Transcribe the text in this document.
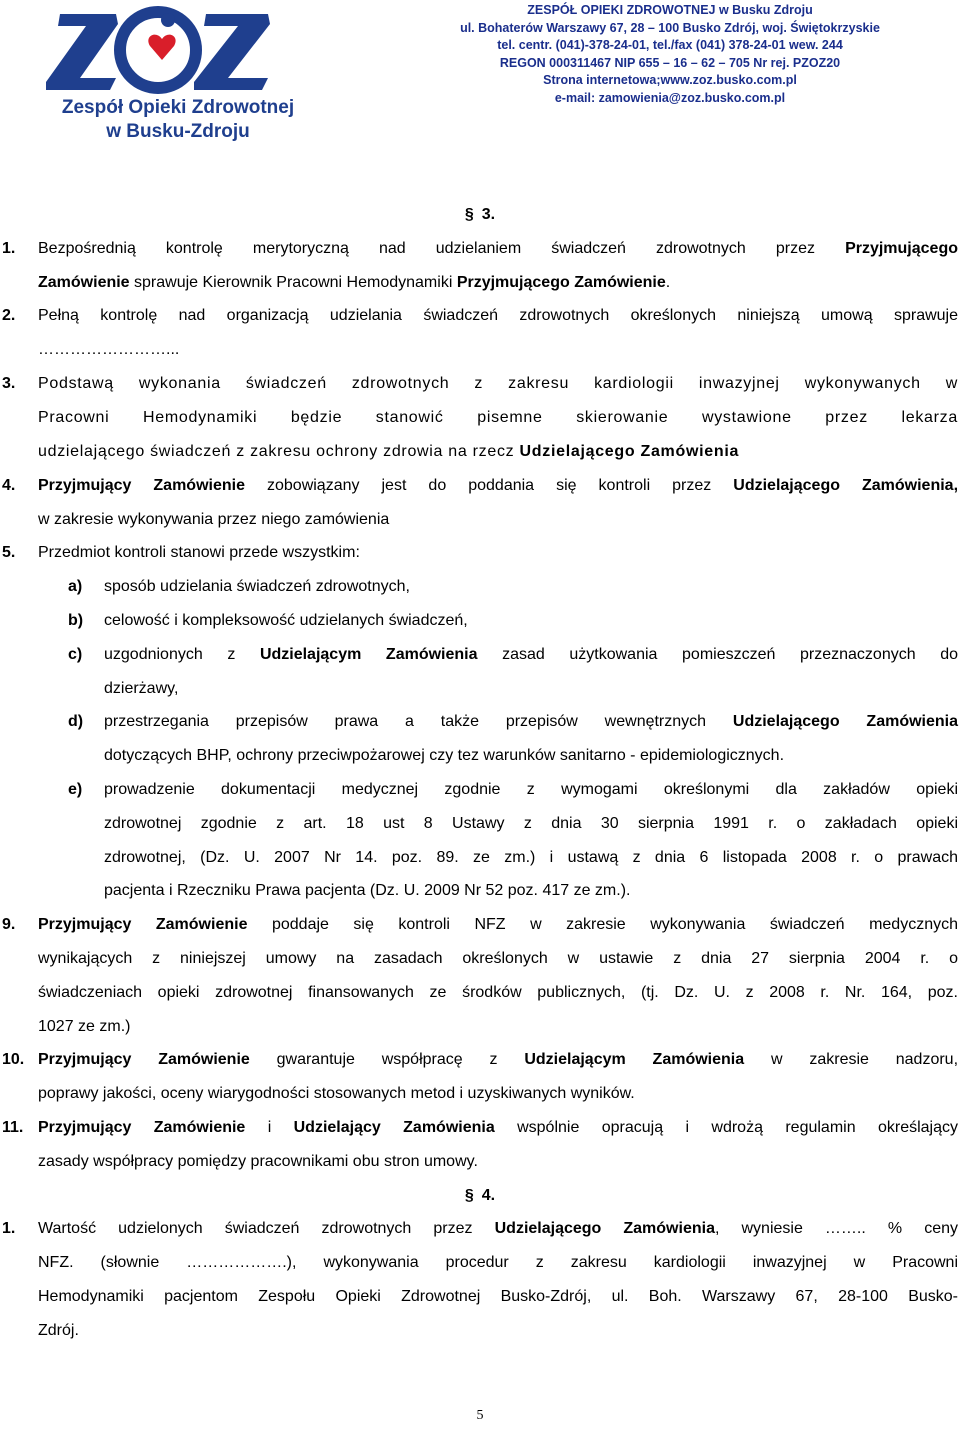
Zespół Opieki Zdrowotnej
w Busku-Zdroju
ZESPÓŁ OPIEKI ZDROWOTNEJ w Busku Zdroju
ul. Bohaterów Warszawy 67, 28 – 100 Busko Zdrój, woj. Świętokrzyskie
tel. centr. (041)-378-24-01, tel./fax (041) 378-24-01 wew. 244
REGON 000311467 NIP 655 – 16 – 62 – 705 Nr rej. PZOZ20
Strona internetowa;www.zoz.busko.com.pl
e-mail: zamowienia@zoz.busko.com.pl
§ 3.
1. Bezpośrednią kontrolę merytoryczną nad udzielaniem świadczeń zdrowotnych przez Przyjmującego
Zamówienie sprawuje Kierownik Pracowni Hemodynamiki Przyjmującego Zamówienie.
2. Pełną kontrolę nad organizacją udzielania świadczeń zdrowotnych określonych niniejszą umową sprawuje
……………………...
3. Podstawą wykonania świadczeń zdrowotnych z zakresu kardiologii inwazyjnej wykonywanych w
Pracowni Hemodynamiki będzie stanowić pisemne skierowanie wystawione przez lekarza
udzielającego świadczeń z zakresu ochrony zdrowia na rzecz Udzielającego Zamówienia
4. Przyjmujący Zamówienie zobowiązany jest do poddania się kontroli przez Udzielającego Zamówienia,
w zakresie wykonywania przez niego zamówienia
5. Przedmiot kontroli stanowi przede wszystkim:
a) sposób udzielania świadczeń zdrowotnych,
b) celowość i kompleksowość udzielanych świadczeń,
c) uzgodnionych z Udzielającym Zamówienia zasad użytkowania pomieszczeń przeznaczonych do
dzierżawy,
d) przestrzegania przepisów prawa a także przepisów wewnętrznych Udzielającego Zamówienia
dotyczących BHP, ochrony przeciwpożarowej czy tez warunków sanitarno - epidemiologicznych.
e) prowadzenie dokumentacji medycznej zgodnie z wymogami określonymi dla zakładów opieki
zdrowotnej zgodnie z art. 18 ust 8 Ustawy z dnia 30 sierpnia 1991 r. o zakładach opieki
zdrowotnej, (Dz. U. 2007 Nr 14. poz. 89. ze zm.) i ustawą z dnia 6 listopada 2008 r. o prawach
pacjenta i Rzeczniku Prawa pacjenta (Dz. U. 2009 Nr 52 poz. 417 ze zm.).
9. Przyjmujący Zamówienie poddaje się kontroli NFZ w zakresie wykonywania świadczeń medycznych
wynikających z niniejszej umowy na zasadach określonych w ustawie z dnia 27 sierpnia 2004 r. o
świadczeniach opieki zdrowotnej finansowanych ze środków publicznych, (tj. Dz. U. z 2008 r. Nr. 164, poz.
1027 ze zm.)
10. Przyjmujący Zamówienie gwarantuje współpracę z Udzielającym Zamówienia w zakresie nadzoru,
poprawy jakości, oceny wiarygodności stosowanych metod i uzyskiwanych wyników.
11. Przyjmujący Zamówienie i Udzielający Zamówienia wspólnie opracują i wdrożą regulamin określający
zasady współpracy pomiędzy pracownikami obu stron umowy.
§ 4.
1. Wartość udzielonych świadczeń zdrowotnych przez Udzielającego Zamówienia, wyniesie …….. % ceny
NFZ. (słownie ……………….), wykonywania procedur z zakresu kardiologii inwazyjnej w Pracowni
Hemodynamiki pacjentom Zespołu Opieki Zdrowotnej Busko-Zdrój, ul. Boh. Warszawy 67, 28-100 Busko-
Zdrój.
5
